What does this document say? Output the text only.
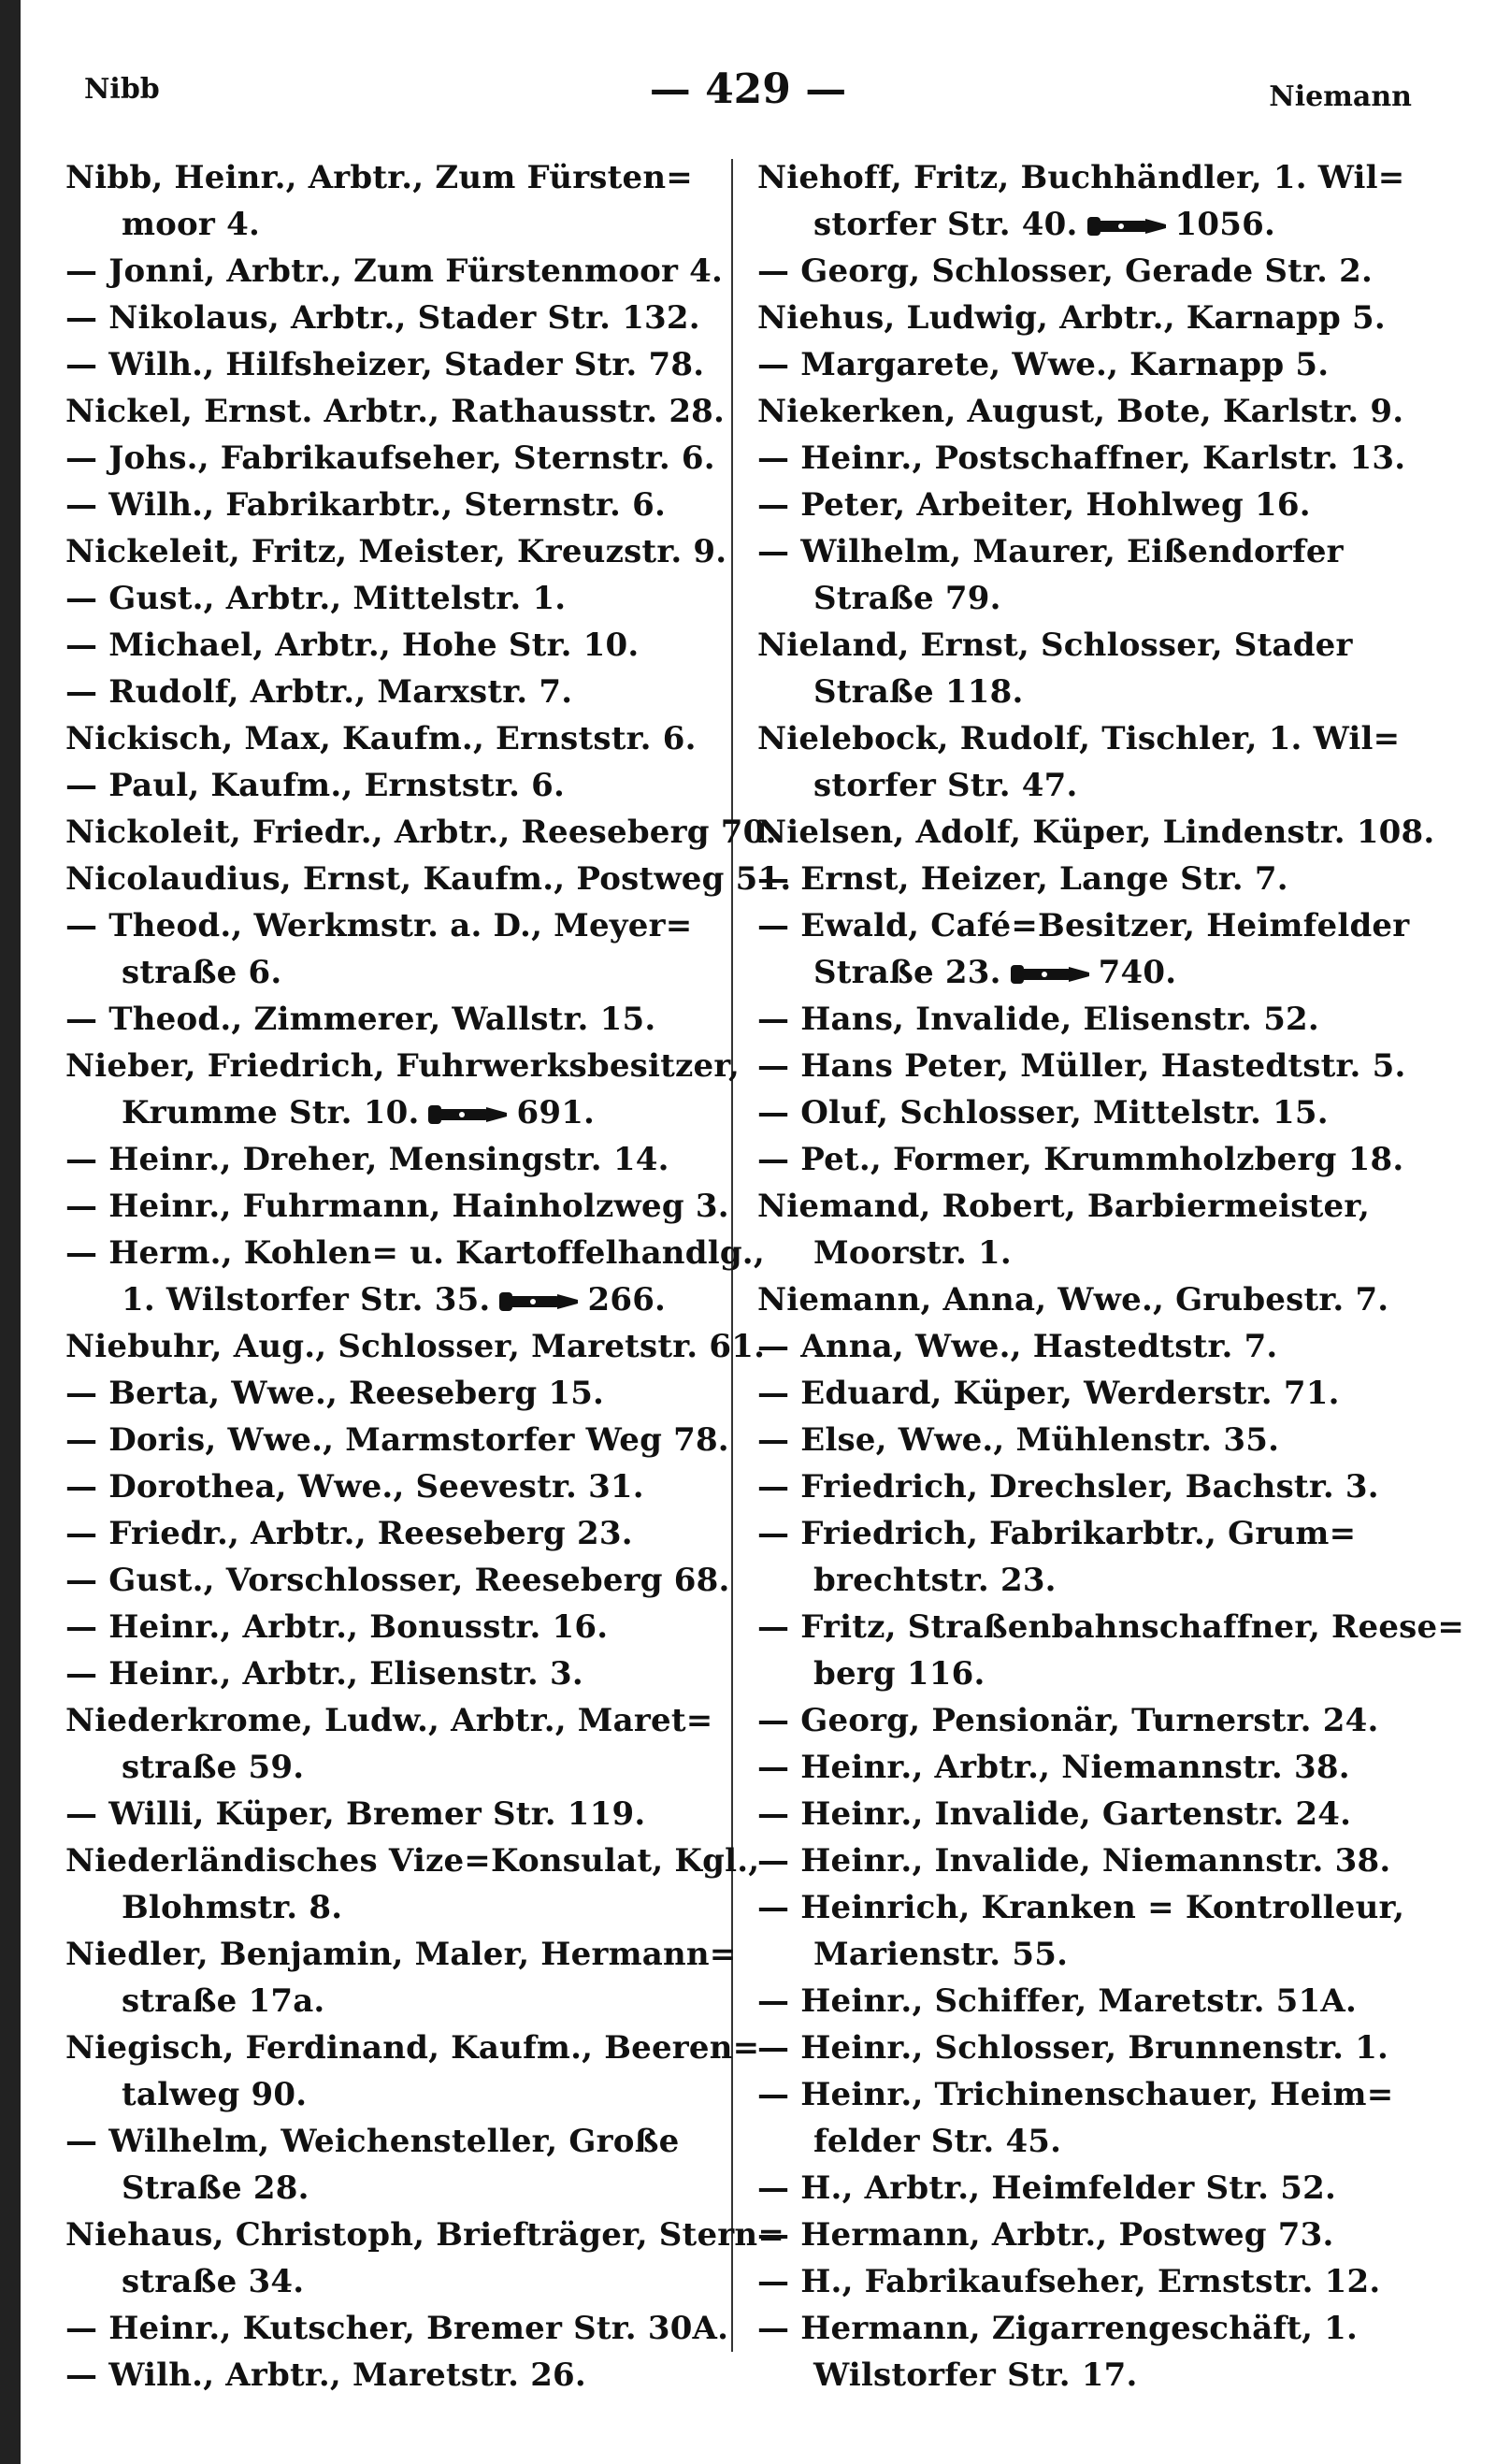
Nibb	— 429 —	Niemann
Nibb, Heinr., Arbtr., Zum Fürsten=
moor 4.
— Jonni, Arbtr., Zum Fürstenmoor 4.
— Nikolaus, Arbtr., Stader Str. 132.
— Wilh., Hilfsheizer, Stader Str. 78.
Nickel, Ernst. Arbtr., Rathausstr. 28.
— Johs., Fabrikaufseher, Sternstr. 6.
— Wilh., Fabrikarbtr., Sternstr. 6.
Nickeleit, Fritz, Meister, Kreuzstr. 9.
— Gust., Arbtr., Mittelstr. 1.
— Michael, Arbtr., Hohe Str. 10.
— Rudolf, Arbtr., Marxstr. 7.
Nickisch, Max, Kaufm., Ernststr. 6.
— Paul, Kaufm., Ernststr. 6.
Nickoleit, Friedr., Arbtr., Reeseberg 70.
Nicolaudius, Ernst, Kaufm., Postweg 51.
— Theod., Werkmstr. a. D., Meyer=
straße 6.
— Theod., Zimmerer, Wallstr. 15.
Nieber, Friedrich, Fuhrwerksbesitzer,
Krumme Str. 10.	691.
— Heinr., Dreher, Mensingstr. 14.
— Heinr., Fuhrmann, Hainholzweg 3.
— Herm., Kohlen= u. Kartoffelhandlg.,
1. Wilstorfer Str. 35.	266.
Niebuhr, Aug., Schlosser, Maretstr. 61.
— Berta, Wwe., Reeseberg 15.
— Doris, Wwe., Marmstorfer Weg 78.
— Dorothea, Wwe., Seevestr. 31.
— Friedr., Arbtr., Reeseberg 23.
— Gust., Vorschlosser, Reeseberg 68.
— Heinr., Arbtr., Bonusstr. 16.
— Heinr., Arbtr., Elisenstr. 3.
Niederkrome, Ludw., Arbtr., Maret=
straße 59.
— Willi, Küper, Bremer Str. 119.
Niederländisches Vize=Konsulat, Kgl.,
Blohmstr. 8.
Niedler, Benjamin, Maler, Hermann=
straße 17a.
Niegisch, Ferdinand, Kaufm., Beeren=
talweg 90.
— Wilhelm, Weichensteller, Große
Straße 28.
Niehaus, Christoph, Briefträger, Stern=
straße 34.
— Heinr., Kutscher, Bremer Str. 30A.
— Wilh., Arbtr., Maretstr. 26.
Niehoff, Fritz, Buchhändler, 1. Wil=
storfer Str. 40.	1056.
— Georg, Schlosser, Gerade Str. 2.
Niehus, Ludwig, Arbtr., Karnapp 5.
— Margarete, Wwe., Karnapp 5.
Niekerken, August, Bote, Karlstr. 9.
— Heinr., Postschaffner, Karlstr. 13.
— Peter, Arbeiter, Hohlweg 16.
— Wilhelm, Maurer, Eißendorfer
Straße 79.
Nieland, Ernst, Schlosser, Stader
Straße 118.
Nielebock, Rudolf, Tischler, 1. Wil=
storfer Str. 47.
Nielsen, Adolf, Küper, Lindenstr. 108.
— Ernst, Heizer, Lange Str. 7.
— Ewald, Café=Besitzer, Heimfelder
Straße 23.	740.
— Hans, Invalide, Elisenstr. 52.
— Hans Peter, Müller, Hastedtstr. 5.
— Oluf, Schlosser, Mittelstr. 15.
— Pet., Former, Krummholzberg 18.
Niemand, Robert, Barbiermeister,
Moorstr. 1.
Niemann, Anna, Wwe., Grubestr. 7.
— Anna, Wwe., Hastedtstr. 7.
— Eduard, Küper, Werderstr. 71.
— Else, Wwe., Mühlenstr. 35.
— Friedrich, Drechsler, Bachstr. 3.
— Friedrich, Fabrikarbtr., Grum=
brechtstr. 23.
— Fritz, Straßenbahnschaffner, Reese=
berg 116.
— Georg, Pensionär, Turnerstr. 24.
— Heinr., Arbtr., Niemannstr. 38.
— Heinr., Invalide, Gartenstr. 24.
— Heinr., Invalide, Niemannstr. 38.
— Heinrich, Kranken = Kontrolleur,
Marienstr. 55.
— Heinr., Schiffer, Maretstr. 51A.
— Heinr., Schlosser, Brunnenstr. 1.
— Heinr., Trichinenschauer, Heim=
felder Str. 45.
— H., Arbtr., Heimfelder Str. 52.
— Hermann, Arbtr., Postweg 73.
— H., Fabrikaufseher, Ernststr. 12.
— Hermann, Zigarrengeschäft, 1.
Wilstorfer Str. 17.
